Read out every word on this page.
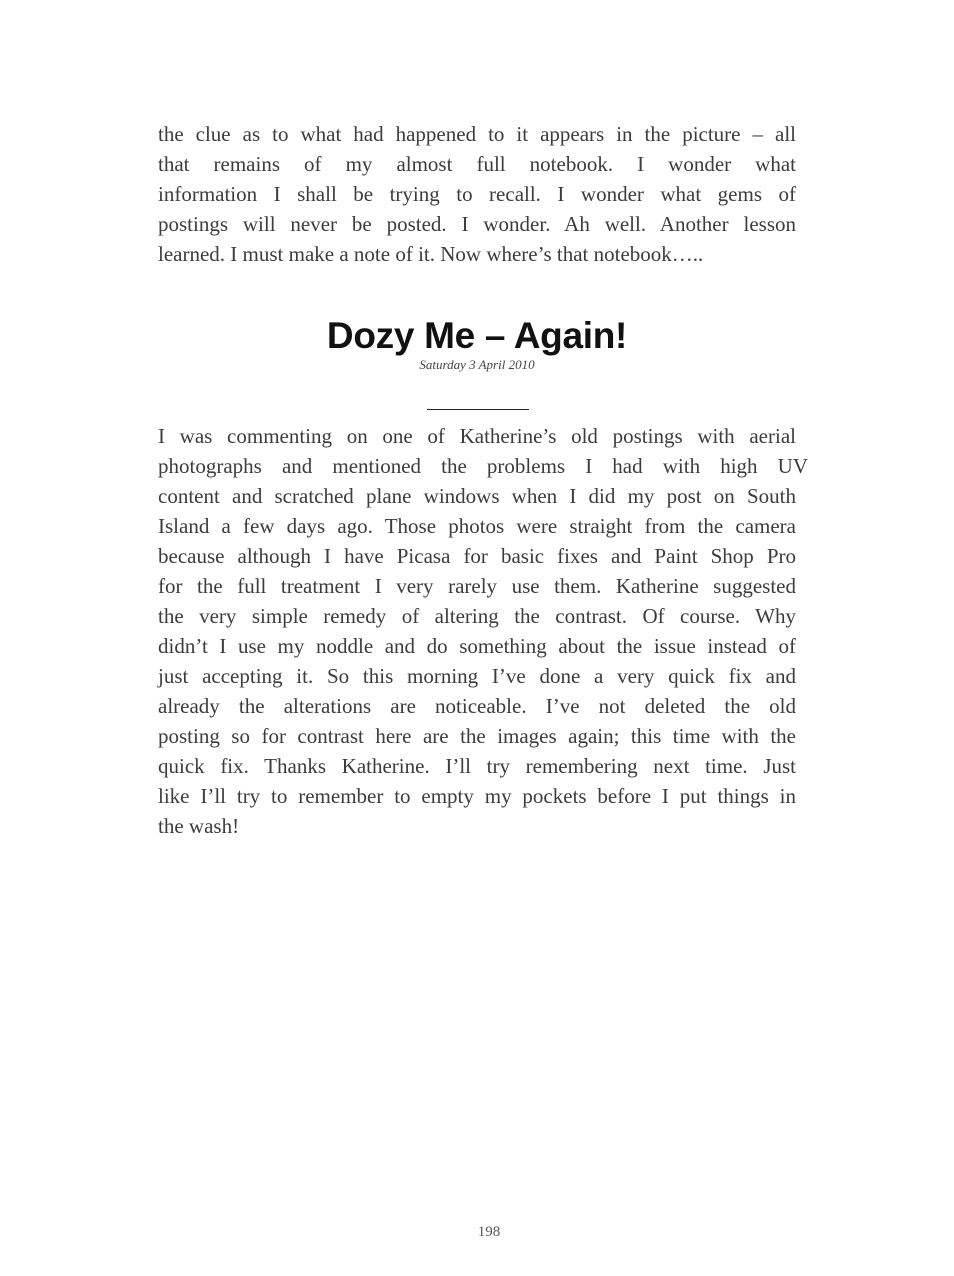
the clue as to what had happened to it appears in the picture – all
that remains of my almost full notebook. I wonder what
information I shall be trying to recall. I wonder what gems of
postings will never be posted. I wonder. Ah well. Another lesson
learned. I must make a note of it. Now where’s that notebook…..
Dozy Me – Again!

Saturday 3 April 2010

I was commenting on one of Katherine’s old postings with aerial
photographs and mentioned the problems I had with high UV
content and scratched plane windows when I did my post on South
Island a few days ago. Those photos were straight from the camera
because although I have Picasa for basic fixes and Paint Shop Pro
for the full treatment I very rarely use them. Katherine suggested
the very simple remedy of altering the contrast. Of course. Why
didn’t I use my noddle and do something about the issue instead of
just accepting it. So this morning I’ve done a very quick fix and
already the alterations are noticeable. I’ve not deleted the old
posting so for contrast here are the images again; this time with the
quick fix. Thanks Katherine. I’ll try remembering next time. Just
like I’ll try to remember to empty my pockets before I put things in
the wash!

198
